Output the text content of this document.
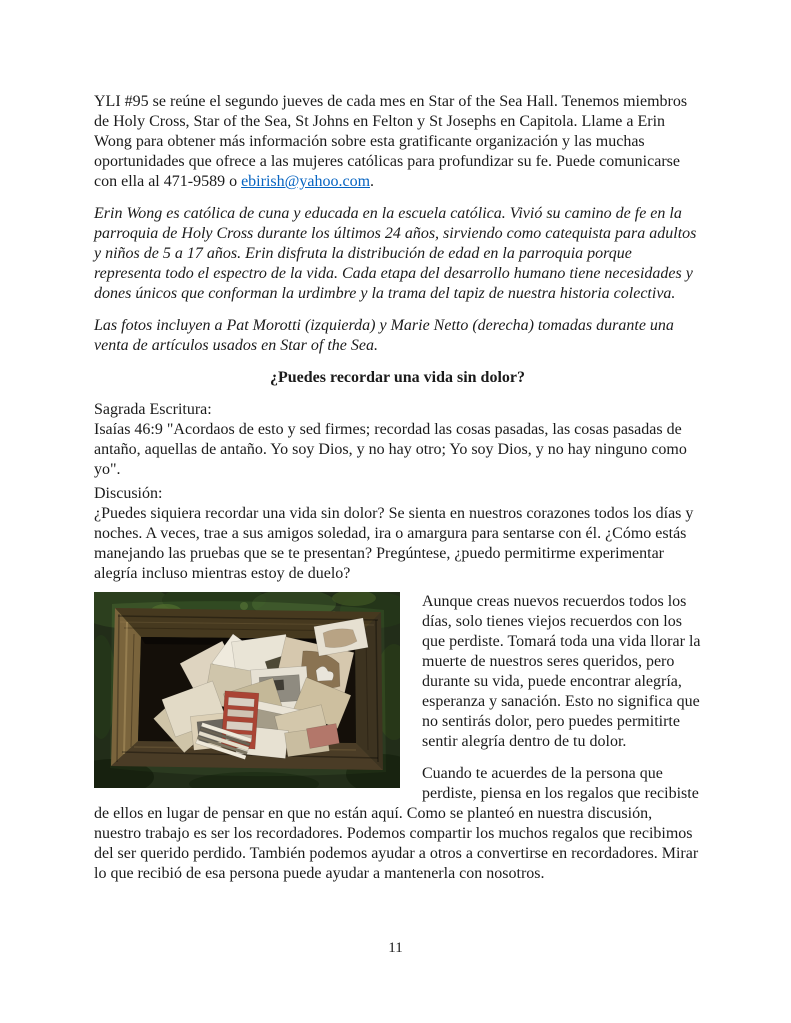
YLI #95 se reúne el segundo jueves de cada mes en Star of the Sea Hall. Tenemos miembros de Holy Cross, Star of the Sea, St Johns en Felton y St Josephs en Capitola. Llame a Erin Wong para obtener más información sobre esta gratificante organización y las muchas oportunidades que ofrece a las mujeres católicas para profundizar su fe. Puede comunicarse con ella al 471-9589 o ebirish@yahoo.com.

Erin Wong es católica de cuna y educada en la escuela católica. Vivió su camino de fe en la parroquia de Holy Cross durante los últimos 24 años, sirviendo como catequista para adultos y niños de 5 a 17 años. Erin disfruta la distribución de edad en la parroquia porque representa todo el espectro de la vida. Cada etapa del desarrollo humano tiene necesidades y dones únicos que conforman la urdimbre y la trama del tapiz de nuestra historia colectiva.

Las fotos incluyen a Pat Morotti (izquierda) y Marie Netto (derecha) tomadas durante una venta de artículos usados en Star of the Sea.

¿Puedes recordar una vida sin dolor?

Sagrada Escritura:
Isaías 46:9 "Acordaos de esto y sed firmes; recordad las cosas pasadas, las cosas pasadas de antaño, aquellas de antaño. Yo soy Dios, y no hay otro; Yo soy Dios, y no hay ninguno como yo".

Discusión:
¿Puedes siquiera recordar una vida sin dolor? Se sienta en nuestros corazones todos los días y noches. A veces, trae a sus amigos soledad, ira o amargura para sentarse con él. ¿Cómo estás manejando las pruebas que se te presentan? Pregúntese, ¿puedo permitirme experimentar alegría incluso mientras estoy de duelo?

Aunque creas nuevos recuerdos todos los días, solo tienes viejos recuerdos con los que perdiste. Tomará toda una vida llorar la muerte de nuestros seres queridos, pero durante su vida, puede encontrar alegría, esperanza y sanación. Esto no significa que no sentirás dolor, pero puedes permitirte sentir alegría dentro de tu dolor.

Cuando te acuerdes de la persona que perdiste, piensa en los regalos que recibiste de ellos en lugar de pensar en que no están aquí. Como se planteó en nuestra discusión, nuestro trabajo es ser los recordadores. Podemos compartir los muchos regalos que recibimos del ser querido perdido. También podemos ayudar a otros a convertirse en recordadores. Mirar lo que recibió de esa persona puede ayudar a mantenerla con nosotros.

11
